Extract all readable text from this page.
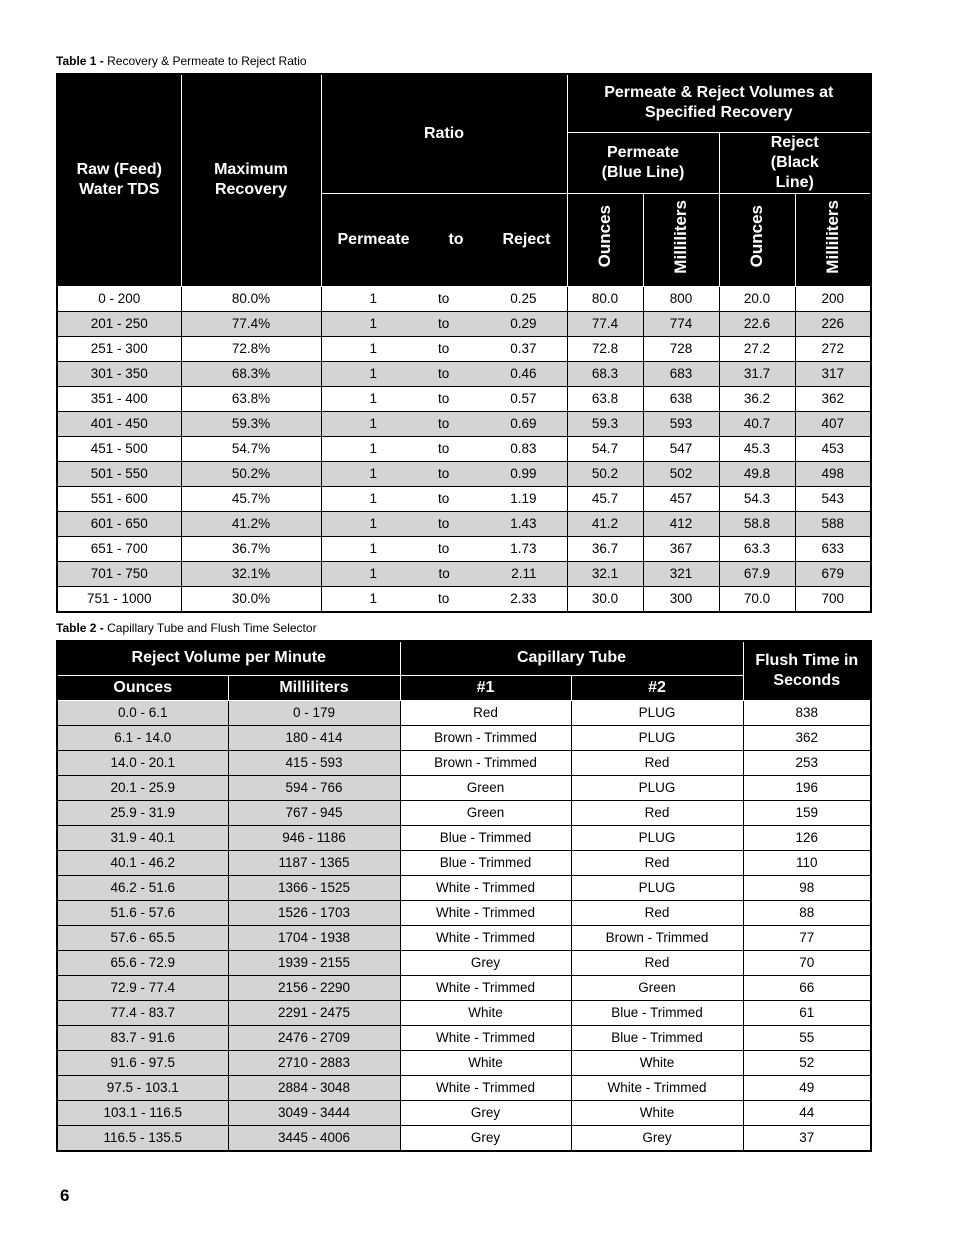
Table 1 - Recovery & Permeate to Reject Ratio
Raw (Feed) Water TDS	Maximum Recovery	Ratio	Permeate & Reject Volumes at Specified Recovery			
			Permeate (Blue Line)		Reject (Black Line)	

		Permeate to Reject	Ounces	Milliliters	Ounces	Milliliters
0 - 200	80.0%	1 to 0.25	80.0	800	20.0	200
201 - 250	77.4%	1 to 0.29	77.4	774	22.6	226
251 - 300	72.8%	1 to 0.37	72.8	728	27.2	272
301 - 350	68.3%	1 to 0.46	68.3	683	31.7	317
351 - 400	63.8%	1 to 0.57	63.8	638	36.2	362
401 - 450	59.3%	1 to 0.69	59.3	593	40.7	407
451 - 500	54.7%	1 to 0.83	54.7	547	45.3	453
501 - 550	50.2%	1 to 0.99	50.2	502	49.8	498
551 - 600	45.7%	1 to 1.19	45.7	457	54.3	543
601 - 650	41.2%	1 to 1.43	41.2	412	58.8	588
651 - 700	36.7%	1 to 1.73	36.7	367	63.3	633
701 - 750	32.1%	1 to 2.11	32.1	321	67.9	679
751 - 1000	30.0%	1 to 2.33	30.0	300	70.0	700
Table 2 - Capillary Tube and Flush Time Selector
Reject Volume per Minute		Capillary Tube		Flush Time in Seconds
Ounces	Milliliters	#1	#2	
0.0 - 6.1	0 - 179	Red	PLUG	838
6.1 - 14.0	180 - 414	Brown - Trimmed	PLUG	362
14.0 - 20.1	415 - 593	Brown - Trimmed	Red	253
20.1 - 25.9	594 - 766	Green	PLUG	196
25.9 - 31.9	767 - 945	Green	Red	159
31.9 - 40.1	946 - 1186	Blue - Trimmed	PLUG	126
40.1 - 46.2	1187 - 1365	Blue - Trimmed	Red	110
46.2 - 51.6	1366 - 1525	White - Trimmed	PLUG	98
51.6 - 57.6	1526 - 1703	White - Trimmed	Red	88
57.6 - 65.5	1704 - 1938	White - Trimmed	Brown - Trimmed	77
65.6 - 72.9	1939 - 2155	Grey	Red	70
72.9 - 77.4	2156 - 2290	White - Trimmed	Green	66
77.4 - 83.7	2291 - 2475	White	Blue - Trimmed	61
83.7 - 91.6	2476 - 2709	White - Trimmed	Blue - Trimmed	55
91.6 - 97.5	2710 - 2883	White	White	52
97.5 - 103.1	2884 - 3048	White - Trimmed	White - Trimmed	49
103.1 - 116.5	3049 - 3444	Grey	White	44
116.5 - 135.5	3445 - 4006	Grey	Grey	37
6
